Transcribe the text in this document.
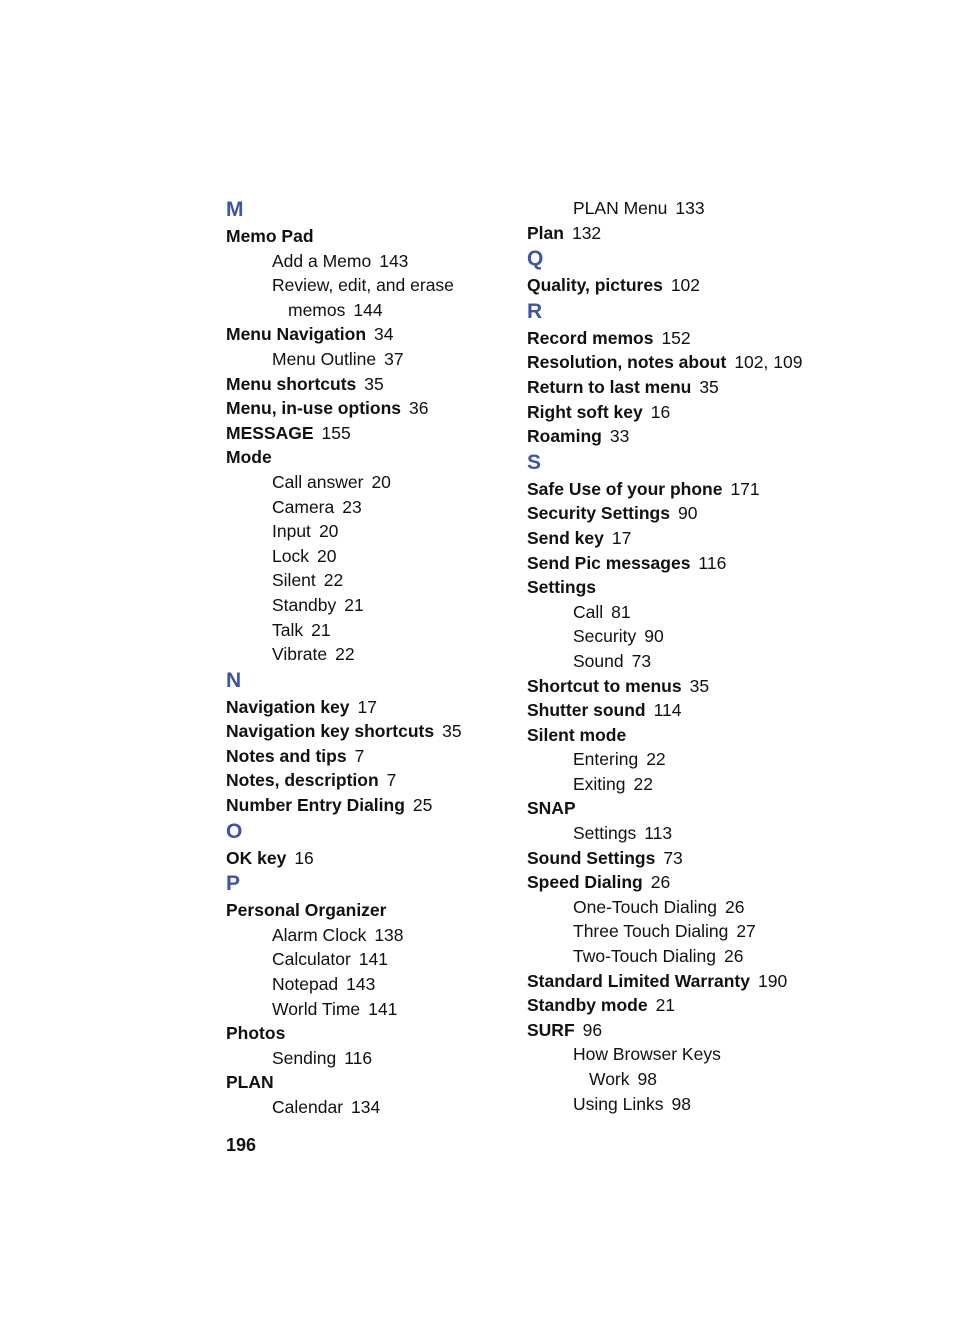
M
Memo Pad
Add a Memo 143
Review, edit, and erase
memos 144
Menu Navigation 34
Menu Outline 37
Menu shortcuts 35
Menu, in-use options 36
MESSAGE 155
Mode
Call answer 20
Camera 23
Input 20
Lock 20
Silent 22
Standby 21
Talk 21
Vibrate 22
N
Navigation key 17
Navigation key shortcuts 35
Notes and tips 7
Notes, description 7
Number Entry Dialing 25
O
OK key 16
P
Personal Organizer
Alarm Clock 138
Calculator 141
Notepad 143
World Time 141
Photos
Sending 116
PLAN
Calendar 134
PLAN Menu 133
Plan 132
Q
Quality, pictures 102
R
Record memos 152
Resolution, notes about 102, 109
Return to last menu 35
Right soft key 16
Roaming 33
S
Safe Use of your phone 171
Security Settings 90
Send key 17
Send Pic messages 116
Settings
Call 81
Security 90
Sound 73
Shortcut to menus 35
Shutter sound 114
Silent mode
Entering 22
Exiting 22
SNAP
Settings 113
Sound Settings 73
Speed Dialing 26
One-Touch Dialing 26
Three Touch Dialing 27
Two-Touch Dialing 26
Standard Limited Warranty 190
Standby mode 21
SURF 96
How Browser Keys
Work 98
Using Links 98
196
